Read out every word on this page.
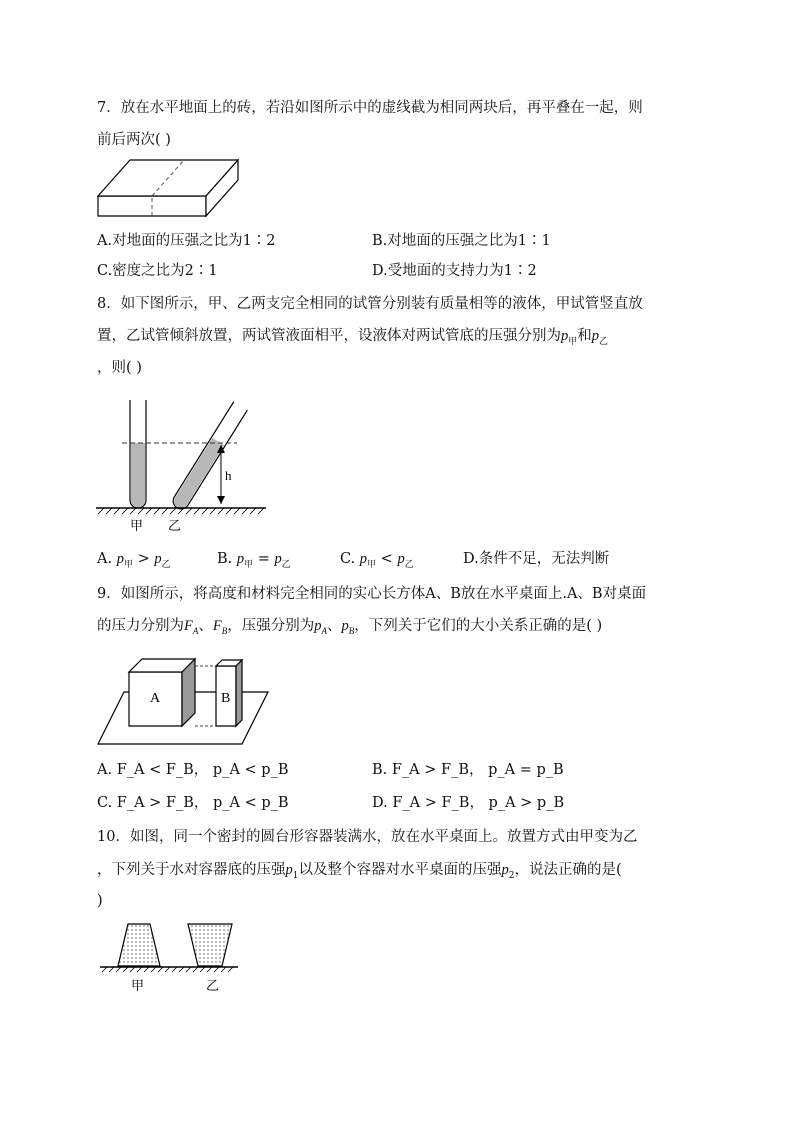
7．放在水平地面上的砖，若沿如图所示中的虚线截为相同两块后，再平叠在一起，则
前后两次( )
A.对地面的压强之比为1∶2	B.对地面的压强之比为1∶1
C.密度之比为2∶1	D.受地面的支持力为1∶2
8．如下图所示，甲、乙两支完全相同的试管分别装有质量相等的液体，甲试管竖直放
置，乙试管倾斜放置，两试管液面相平，设液体对两试管底的压强分别为$p_甲$和$p_乙$
，则( )
h
甲 乙
A. $p_甲 > p_乙$	B. $p_甲 = p_乙$	C. $p_甲 < p_乙$	D.条件不足，无法判断
9．如图所示，将高度和材料完全相同的实心长方体A、B放在水平桌面上.A、B对桌面
的压力分别为$F_A$、$F_B$，压强分别为$p_A$、$p_B$，下列关于它们的大小关系正确的是( )
A	B
A. F_A < F_B， p_A < p_B	B. F_A > F_B， p_A = p_B
C. F_A > F_B， p_A < p_B	D. F_A > F_B， p_A > p_B
10．如图，同一个密封的圆台形容器装满水，放在水平桌面上。放置方式由甲变为乙
，下列关于水对容器底的压强$p_1$以及整个容器对水平桌面的压强$p_2$，说法正确的是(
)
甲	乙
